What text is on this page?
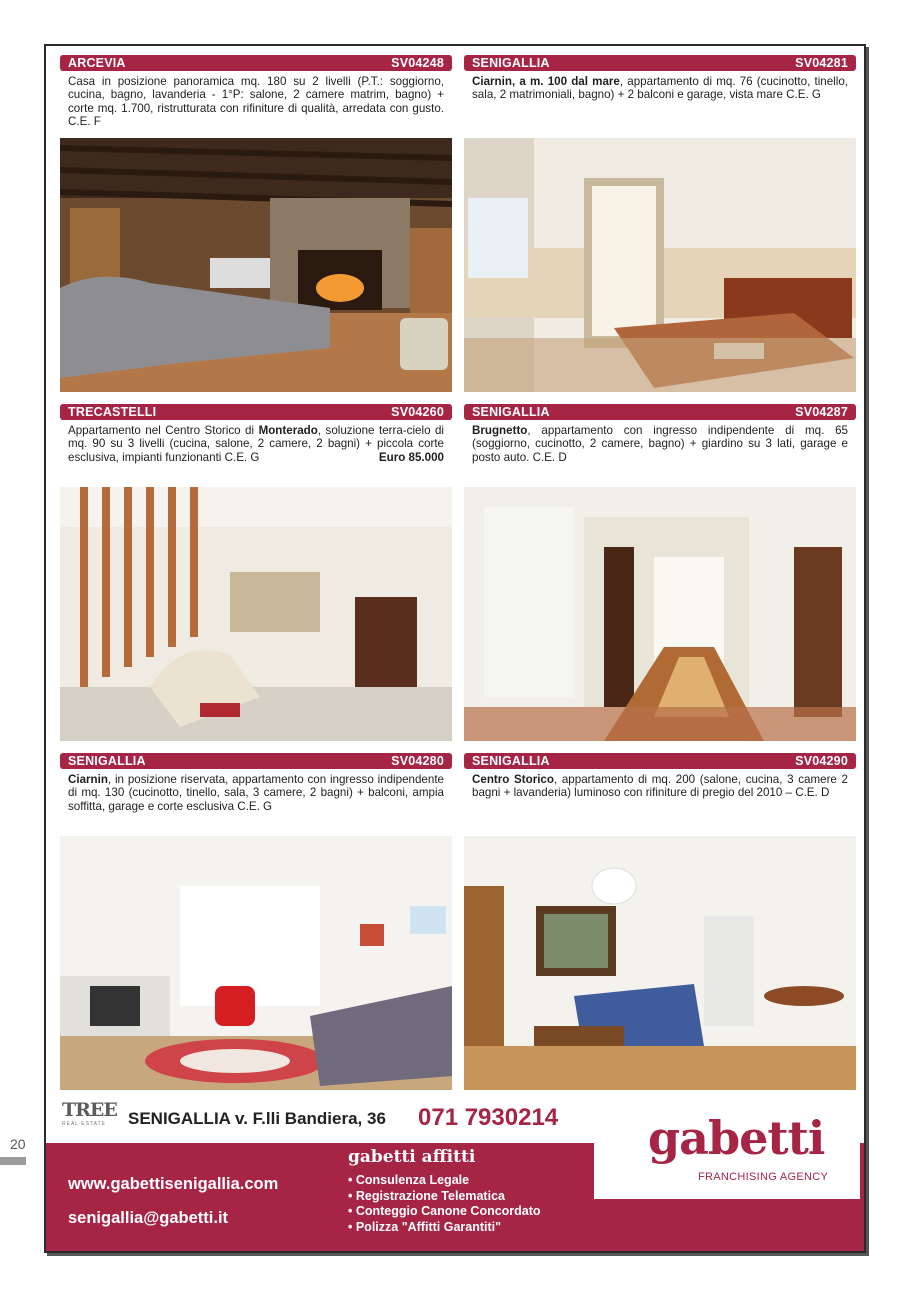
20
ARCEVIA	SV04248
Casa in posizione panoramica mq. 180 su 2 livelli (P.T.: soggiorno, cucina, bagno, lavanderia - 1°P: salone, 2 camere matrim, bagno) + corte mq. 1.700, ristrutturata con rifiniture di qualità, arredata con gusto. C.E. F
SENIGALLIA	SV04281
Ciarnin, a m. 100 dal mare, appartamento di mq. 76 (cucinotto, tinello, sala, 2 matrimoniali, bagno) + 2 balconi e garage, vista mare C.E. G
TRECASTELLI	SV04260
Appartamento nel Centro Storico di Monterado, soluzione terra-cielo di mq. 90 su 3 livelli (cucina, salone, 2 camere, 2 bagni) + piccola corte esclusiva, impianti funzionanti C.E. G	Euro 85.000
SENIGALLIA	SV04287
Brugnetto, appartamento con ingresso indipendente di mq. 65 (soggiorno, cucinotto, 2 camere, bagno) + giardino su 3 lati, garage e posto auto. C.E. D
SENIGALLIA	SV04280
Ciarnin, in posizione riservata, appartamento con ingresso indipendente di mq. 130 (cucinotto, tinello, sala, 3 camere, 2 bagni) + balconi, ampia soffitta, garage e corte esclusiva C.E. G
SENIGALLIA	SV04290
Centro Storico, appartamento di mq. 200 (salone, cucina, 3 camere 2 bagni + lavanderia) luminoso con rifiniture di pregio del 2010 – C.E. D
TREE
REAL ESTATE SENIGALLIA v. F.lli Bandiera, 36 071 7930214
www.gabettisenigallia.com
senigallia@gabetti.it
gabetti affitti
• Consulenza Legale
• Registrazione Telematica
• Conteggio Canone Concordato
• Polizza "Affitti Garantiti"
gabetti
FRANCHISING AGENCY
